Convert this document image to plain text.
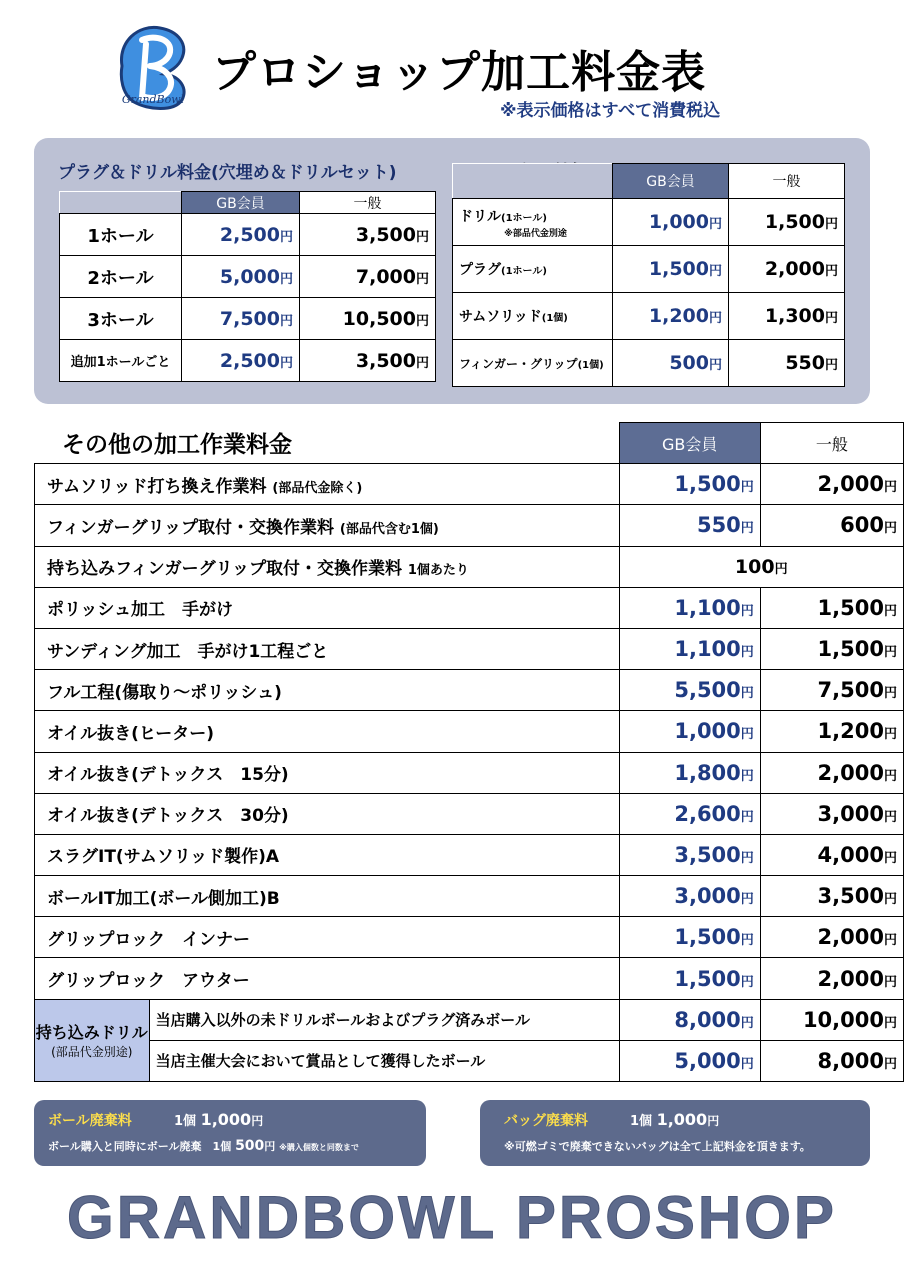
GrandBowl
プロショップ加工料金表
※表示価格はすべて消費税込
プラグ＆ドリル料金(穴埋め＆ドリルセット)
	GB会員	一般
1ホール	2,500円	3,500円
2ホール	5,000円	7,000円
3ホール	7,500円	10,500円
追加1ホールごと	2,500円	3,500円
	GB会員	一般
ドリル(1ホール)
※部品代金別途	1,000円	1,500円
プラグ(1ホール)	1,500円	2,000円
サムソリッド(1個)	1,200円	1,300円
フィンガー・グリップ(1個)	500円	550円
		GB会員	一般
サムソリッド打ち換え作業料 (部品代金除く)		1,500円	2,000円
フィンガーグリップ取付・交換作業料 (部品代含む1個)		550円	600円
持ち込みフィンガーグリップ取付・交換作業料 1個あたり		100円	
ポリッシュ加工　手がけ		1,100円	1,500円
サンディング加工　手がけ1工程ごと		1,100円	1,500円
フル工程(傷取り～ポリッシュ)		5,500円	7,500円
オイル抜き(ヒーター)		1,000円	1,200円
オイル抜き(デトックス　15分)		1,800円	2,000円
オイル抜き(デトックス　30分)		2,600円	3,000円
スラグIT(サムソリッド製作)A		3,500円	4,000円
ボールIT加工(ボール側加工)B		3,000円	3,500円
グリップロック　インナー		1,500円	2,000円
グリップロック　アウター		1,500円	2,000円
持ち込みドリル
(部品代金別途)	当店購入以外の未ドリルボールおよびプラグ済みボール	8,000円	10,000円
	当店主催大会において賞品として獲得したボール	5,000円	8,000円
その他の加工作業料金
ボール廃棄料	1個 1,000円
ボール購入と同時にボール廃棄　1個 500円 ※購入個数と同数まで
バッグ廃棄料	1個 1,000円
※可燃ゴミで廃棄できないバッグは全て上記料金を頂きます。
GRANDBOWL PROSHOP
